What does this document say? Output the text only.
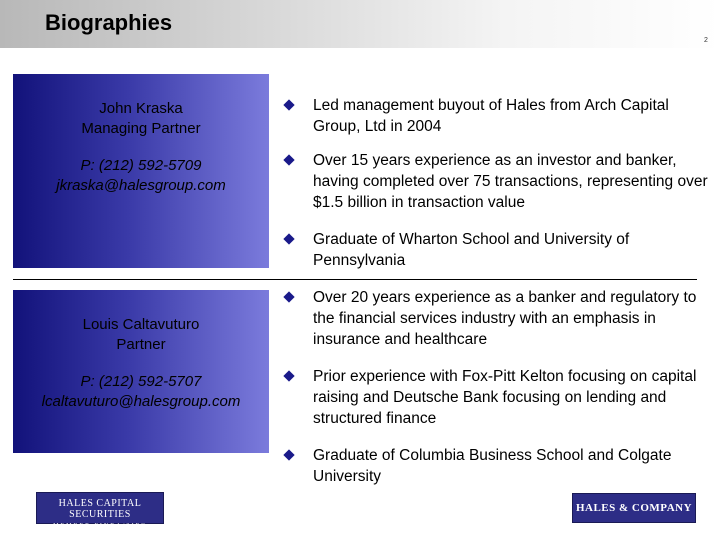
Biographies
2
John Kraska
Managing Partner
P: (212) 592-5709
jkraska@halesgroup.com
Led management buyout of Hales from Arch Capital Group, Ltd in 2004
Over 15 years experience as an investor and banker, having completed over 75 transactions, representing over $1.5 billion in transaction value
Graduate of Wharton School and University of Pennsylvania
Louis Caltavuturo
Partner
P: (212) 592-5707
lcaltavuturo@halesgroup.com
Over 20 years experience as a banker and regulatory to the financial services industry with an emphasis in insurance and healthcare
Prior experience with Fox-Pitt Kelton focusing on capital raising and Deutsche Bank focusing on lending and structured finance
Graduate of Columbia Business School and Colgate University
HALES CAPITAL SECURITIES
MEMBER FINRA/SIPC
HALES & COMPANY
